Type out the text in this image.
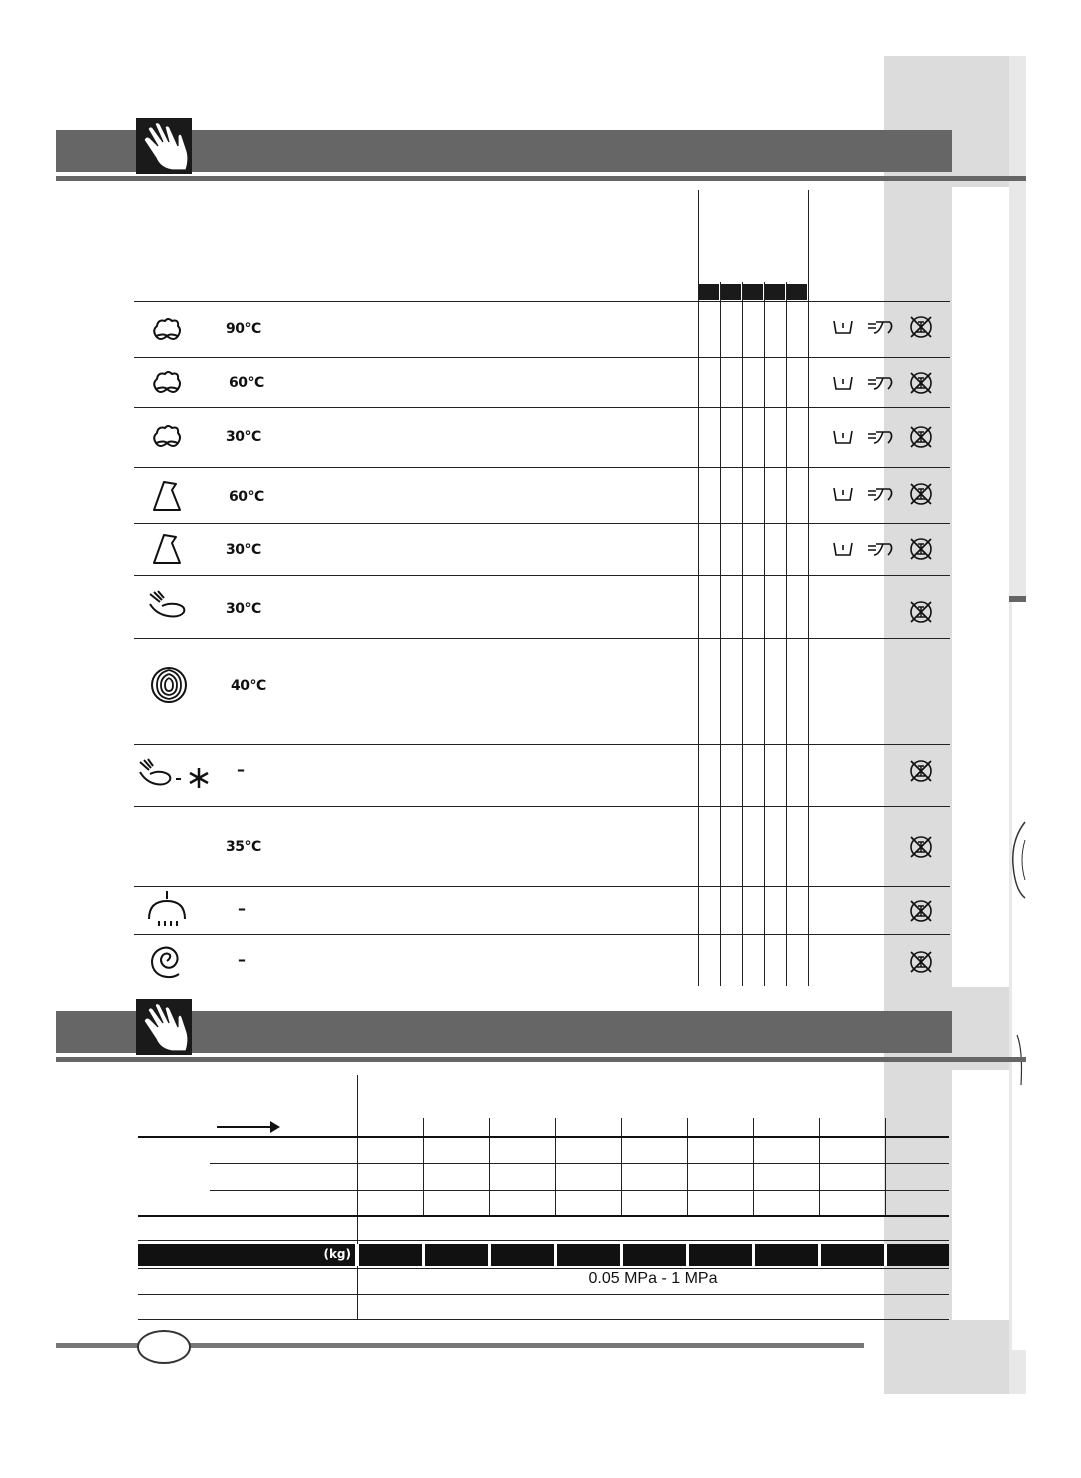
90°C
60°C
30°C
60°C
30°C
30°C
40°C
–
35°C
–
–
(kg)
0.05 MPa - 1 MPa
